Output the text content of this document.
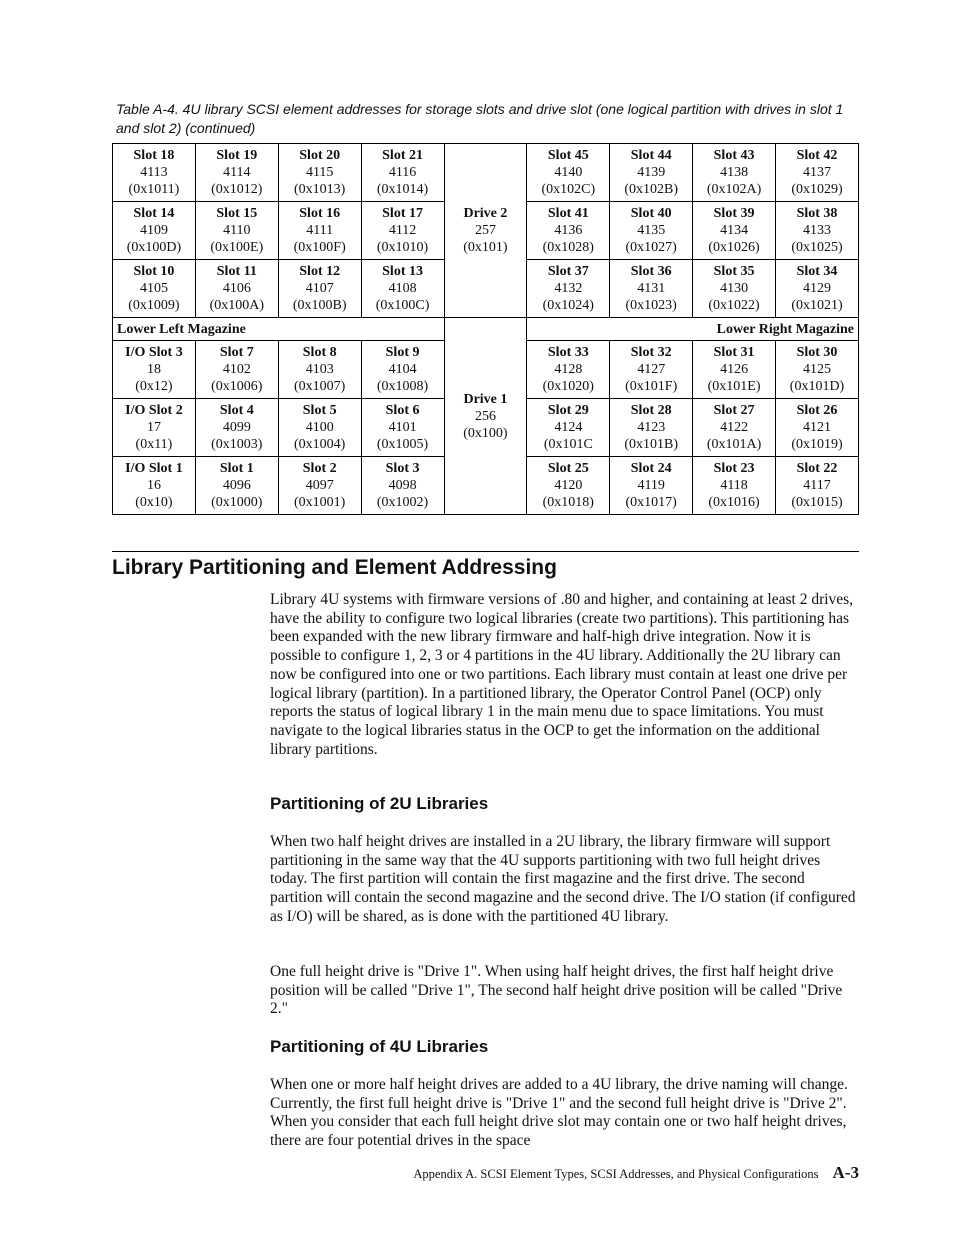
Table A-4. 4U library SCSI element addresses for storage slots and drive slot (one logical partition with drives in slot 1 and slot 2) (continued)
Slot 18
4113
(0x1011)	Slot 19
4114
(0x1012)	Slot 20
4115
(0x1013)	Slot 21
4116
(0x1014)	Drive 2
257
(0x101)	Slot 45
4140
(0x102C)	Slot 44
4139
(0x102B)	Slot 43
4138
(0x102A)	Slot 42
4137
(0x1029)

Slot 14
4109
(0x100D)	Slot 15
4110
(0x100E)	Slot 16
4111
(0x100F)	Slot 17
4112
(0x1010)		Slot 41
4136
(0x1028)	Slot 40
4135
(0x1027)	Slot 39
4134
(0x1026)	Slot 38
4133
(0x1025)

Slot 10
4105
(0x1009)	Slot 11
4106
(0x100A)	Slot 12
4107
(0x100B)	Slot 13
4108
(0x100C)		Slot 37
4132
(0x1024)	Slot 36
4131
(0x1023)	Slot 35
4130
(0x1022)	Slot 34
4129
(0x1021)

Lower Left Magazine				Drive 1
256
(0x100)	Lower Right Magazine			

I/O Slot 3
18
(0x12)	Slot 7
4102
(0x1006)	Slot 8
4103
(0x1007)	Slot 9
4104
(0x1008)		Slot 33
4128
(0x1020)	Slot 32
4127
(0x101F)	Slot 31
4126
(0x101E)	Slot 30
4125
(0x101D)

I/O Slot 2
17
(0x11)	Slot 4
4099
(0x1003)	Slot 5
4100
(0x1004)	Slot 6
4101
(0x1005)		Slot 29
4124
(0x101C	Slot 28
4123
(0x101B)	Slot 27
4122
(0x101A)	Slot 26
4121
(0x1019)

I/O Slot 1
16
(0x10)	Slot 1
4096
(0x1000)	Slot 2
4097
(0x1001)	Slot 3
4098
(0x1002)		Slot 25
4120
(0x1018)	Slot 24
4119
(0x1017)	Slot 23
4118
(0x1016)	Slot 22
4117
(0x1015)
Library Partitioning and Element Addressing

Library 4U systems with firmware versions of .80 and higher, and containing at least 2 drives, have the ability to configure two logical libraries (create two partitions). This partitioning has been expanded with the new library firmware and half-high drive integration. Now it is possible to configure 1, 2, 3 or 4 partitions in the 4U library. Additionally the 2U library can now be configured into one or two partitions. Each library must contain at least one drive per logical library (partition). In a partitioned library, the Operator Control Panel (OCP) only reports the status of logical library 1 in the main menu due to space limitations. You must navigate to the logical libraries status in the OCP to get the information on the additional library partitions.

Partitioning of 2U Libraries

When two half height drives are installed in a 2U library, the library firmware will support partitioning in the same way that the 4U supports partitioning with two full height drives today. The first partition will contain the first magazine and the first drive. The second partition will contain the second magazine and the second drive. The I/O station (if configured as I/O) will be shared, as is done with the partitioned 4U library.

One full height drive is "Drive 1". When using half height drives, the first half height drive position will be called "Drive 1", The second half height drive position will be called "Drive 2."

Partitioning of 4U Libraries

When one or more half height drives are added to a 4U library, the drive naming will change. Currently, the first full height drive is "Drive 1" and the second full height drive is "Drive 2". When you consider that each full height drive slot may contain one or two half height drives, there are four potential drives in the space

Appendix A. SCSI Element Types, SCSI Addresses, and Physical Configurations A-3
